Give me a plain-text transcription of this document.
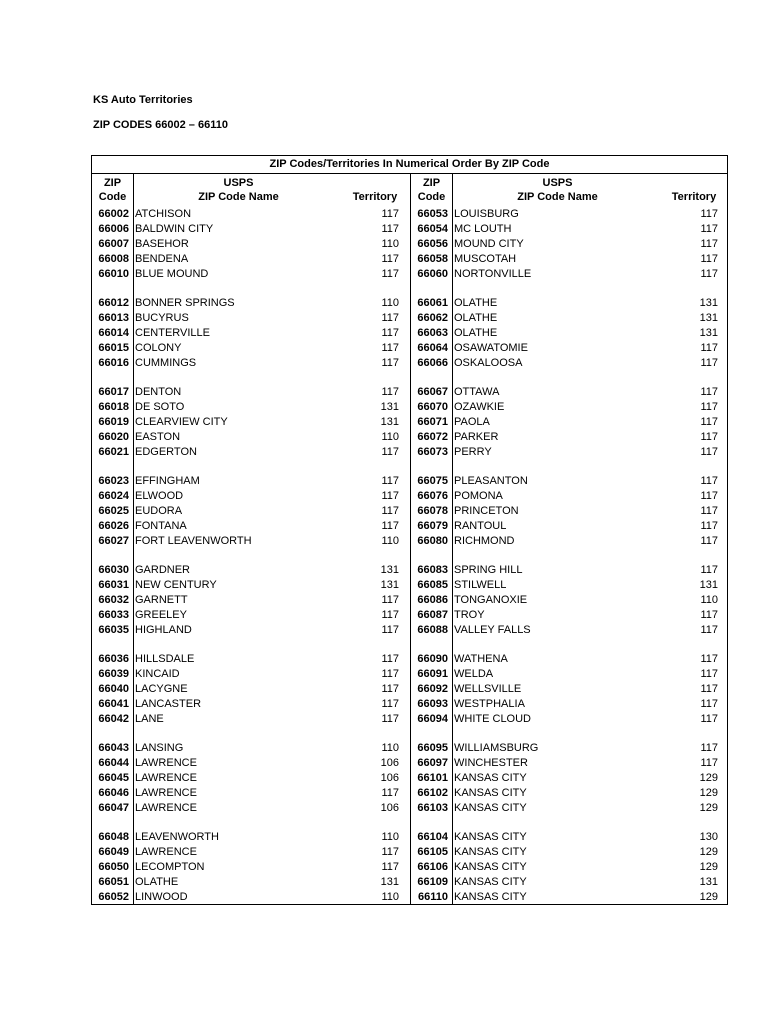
KS Auto Territories
ZIP CODES 66002 – 66110
ZIP Codes/Territories In Numerical Order By ZIP Code
ZIP
Code
USPS
ZIP Code Name	Territory
66002 ATCHISON	117
66006 BALDWIN CITY	117
66007 BASEHOR	110
66008 BENDENA	117
66010 BLUE MOUND	117
66012 BONNER SPRINGS	110
66013 BUCYRUS	117
66014 CENTERVILLE	117
66015 COLONY	117
66016 CUMMINGS	117
66017 DENTON	117
66018 DE SOTO	131
66019 CLEARVIEW CITY	131
66020 EASTON	110
66021 EDGERTON	117
66023 EFFINGHAM	117
66024 ELWOOD	117
66025 EUDORA	117
66026 FONTANA	117
66027 FORT LEAVENWORTH	110
66030 GARDNER	131
66031 NEW CENTURY	131
66032 GARNETT	117
66033 GREELEY	117
66035 HIGHLAND	117
66036 HILLSDALE	117
66039 KINCAID	117
66040 LACYGNE	117
66041 LANCASTER	117
66042 LANE	117
66043 LANSING	110
66044 LAWRENCE	106
66045 LAWRENCE	106
66046 LAWRENCE	117
66047 LAWRENCE	106
66048 LEAVENWORTH	110
66049 LAWRENCE	117
66050 LECOMPTON	117
66051 OLATHE	131
66052 LINWOOD	110
ZIP
Code
USPS
ZIP Code Name	Territory
66053 LOUISBURG	117
66054 MC LOUTH	117
66056 MOUND CITY	117
66058 MUSCOTAH	117
66060 NORTONVILLE	117
66061 OLATHE	131
66062 OLATHE	131
66063 OLATHE	131
66064 OSAWATOMIE	117
66066 OSKALOOSA	117
66067 OTTAWA	117
66070 OZAWKIE	117
66071 PAOLA	117
66072 PARKER	117
66073 PERRY	117
66075 PLEASANTON	117
66076 POMONA	117
66078 PRINCETON	117
66079 RANTOUL	117
66080 RICHMOND	117
66083 SPRING HILL	117
66085 STILWELL	131
66086 TONGANOXIE	110
66087 TROY	117
66088 VALLEY FALLS	117
66090 WATHENA	117
66091 WELDA	117
66092 WELLSVILLE	117
66093 WESTPHALIA	117
66094 WHITE CLOUD	117
66095 WILLIAMSBURG	117
66097 WINCHESTER	117
66101 KANSAS CITY	129
66102 KANSAS CITY	129
66103 KANSAS CITY	129
66104 KANSAS CITY	130
66105 KANSAS CITY	129
66106 KANSAS CITY	129
66109 KANSAS CITY	131
66110 KANSAS CITY	129
